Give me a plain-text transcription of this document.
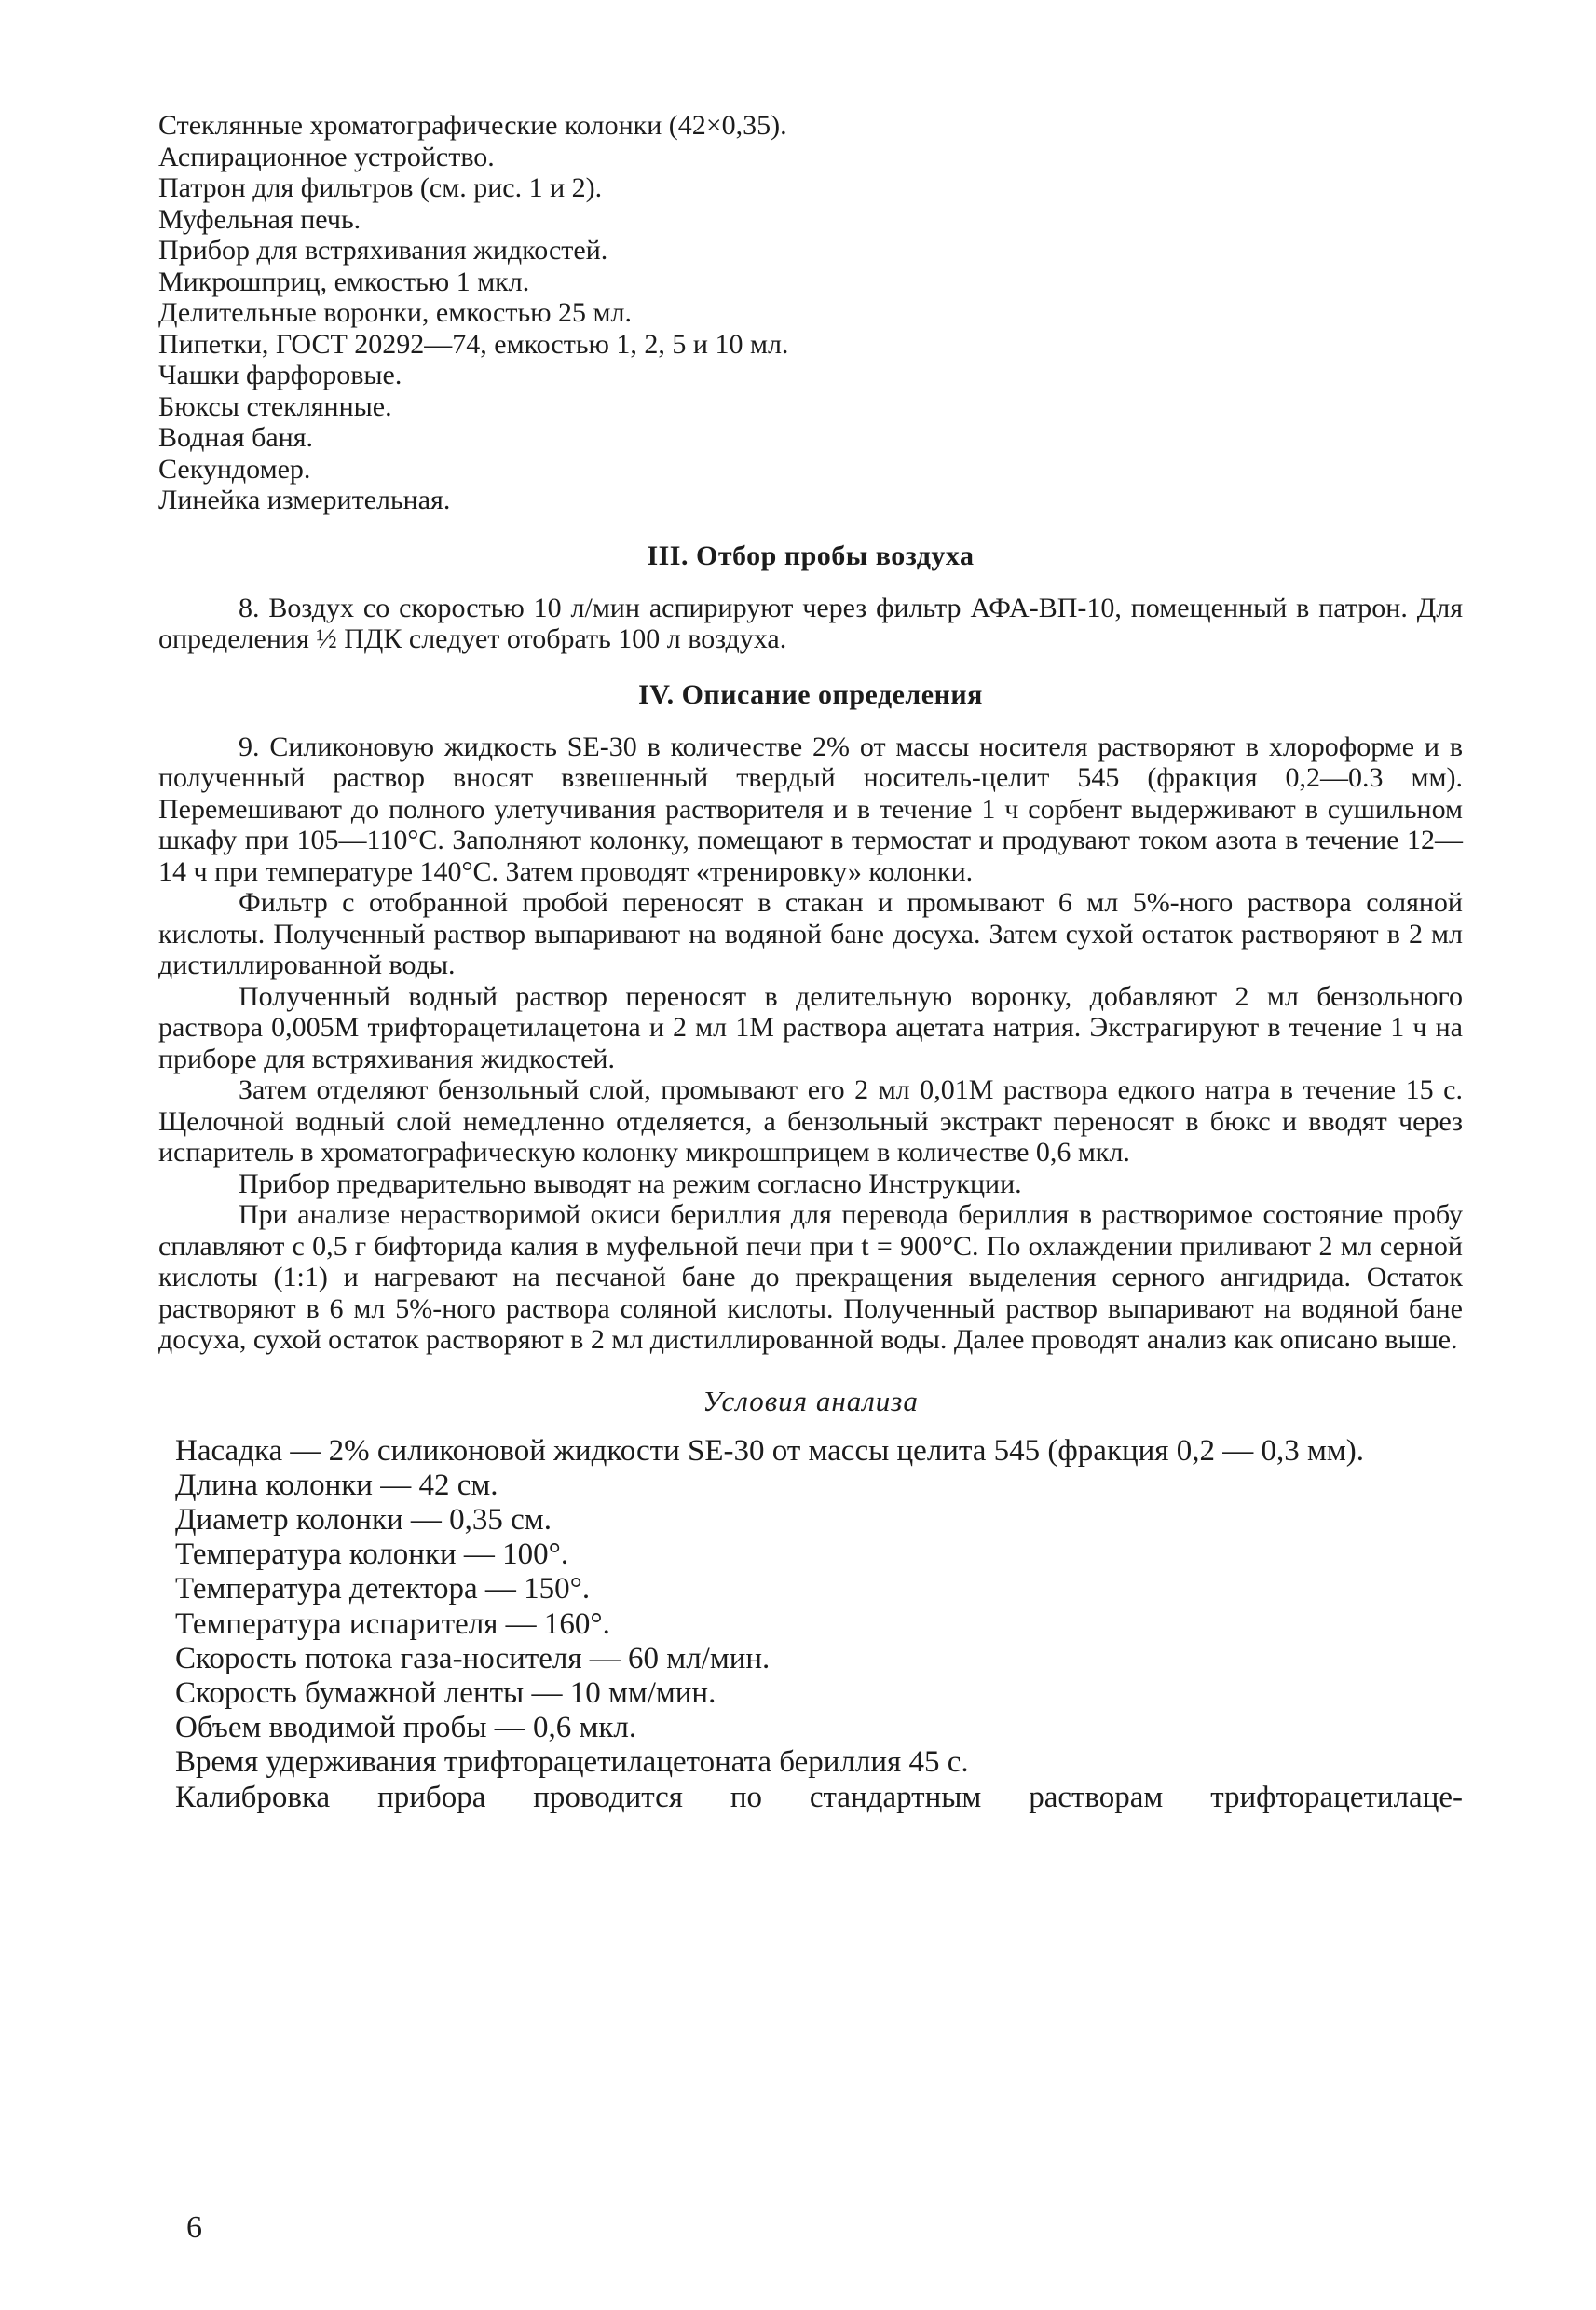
Стеклянные хроматографические колонки (42×0,35).
Аспирационное устройство.
Патрон для фильтров (см. рис. 1 и 2).
Муфельная печь.
Прибор для встряхивания жидкостей.
Микрошприц, емкостью 1 мкл.
Делительные воронки, емкостью 25 мл.
Пипетки, ГОСТ 20292—74, емкостью 1, 2, 5 и 10 мл.
Чашки фарфоровые.
Бюксы стеклянные.
Водная баня.
Секундомер.
Линейка измерительная.
III. Отбор пробы воздуха

8. Воздух со скоростью 10 л/мин аспирируют через фильтр АФА-ВП-10, помещенный в патрон. Для определения ½ ПДК следует отобрать 100 л воздуха.

IV. Описание определения

9. Силиконовую жидкость SE-30 в количестве 2% от массы носителя растворяют в хлороформе и в полученный раствор вносят взвешенный твердый носитель-целит 545 (фракция 0,2—0.3 мм). Перемешивают до полного улетучивания растворителя и в течение 1 ч сорбент выдерживают в сушильном шкафу при 105—110°С. Заполняют колонку, помещают в термостат и продувают током азота в течение 12—14 ч при температуре 140°С. Затем проводят «тренировку» колонки.

Фильтр с отобранной пробой переносят в стакан и промывают 6 мл 5%-ного раствора соляной кислоты. Полученный раствор выпаривают на водяной бане досуха. Затем сухой остаток растворяют в 2 мл дистиллированной воды.

Полученный водный раствор переносят в делительную воронку, добавляют 2 мл бензольного раствора 0,005М трифторацетилацетона и 2 мл 1М раствора ацетата натрия. Экстрагируют в течение 1 ч на приборе для встряхивания жидкостей.

Затем отделяют бензольный слой, промывают его 2 мл 0,01М раствора едкого натра в течение 15 с. Щелочной водный слой немедленно отделяется, а бензольный экстракт переносят в бюкс и вводят через испаритель в хроматографическую колонку микрошприцем в количестве 0,6 мкл.

Прибор предварительно выводят на режим согласно Инструкции.

При анализе нерастворимой окиси бериллия для перевода бериллия в растворимое состояние пробу сплавляют с 0,5 г бифторида калия в муфельной печи при t = 900°С. По охлаждении приливают 2 мл серной кислоты (1:1) и нагревают на песчаной бане до прекращения выделения серного ангидрида. Остаток растворяют в 6 мл 5%-ного раствора соляной кислоты. Полученный раствор выпаривают на водяной бане досуха, сухой остаток растворяют в 2 мл дистиллированной воды. Далее проводят анализ как описано выше.

Условия анализа

Насадка — 2% силиконовой жидкости SE-30 от массы целита 545 (фракция 0,2 — 0,3 мм).

Длина колонки — 42 см.
Диаметр колонки — 0,35 см.
Температура колонки — 100°.
Температура детектора — 150°.
Температура испарителя — 160°.
Скорость потока газа-носителя — 60 мл/мин.
Скорость бумажной ленты — 10 мм/мин.
Объем вводимой пробы — 0,6 мкл.
Время удерживания трифторацетилацетоната бериллия 45 с.
Калибровка прибора проводится по стандартным растворам трифторацетилаце-
6
